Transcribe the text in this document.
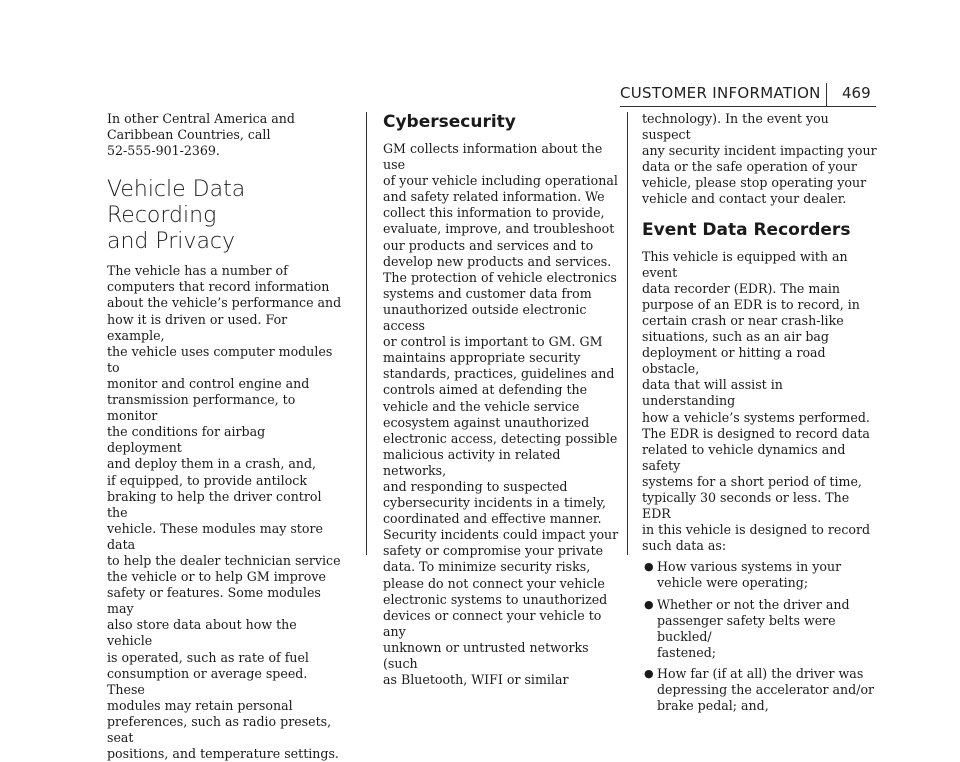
CUSTOMER INFORMATION 469

In other Central America and
Caribbean Countries, call
52-555-901-2369.

Vehicle Data Recording
and Privacy

The vehicle has a number of
computers that record information
about the vehicle’s performance and
how it is driven or used. For example,
the vehicle uses computer modules to
monitor and control engine and
transmission performance, to monitor
the conditions for airbag deployment
and deploy them in a crash, and,
if equipped, to provide antilock
braking to help the driver control the
vehicle. These modules may store data
to help the dealer technician service
the vehicle or to help GM improve
safety or features. Some modules may
also store data about how the vehicle
is operated, such as rate of fuel
consumption or average speed. These
modules may retain personal
preferences, such as radio presets, seat
positions, and temperature settings.

Cybersecurity

GM collects information about the use
of your vehicle including operational
and safety related information. We
collect this information to provide,
evaluate, improve, and troubleshoot
our products and services and to
develop new products and services.
The protection of vehicle electronics
systems and customer data from
unauthorized outside electronic access
or control is important to GM. GM
maintains appropriate security
standards, practices, guidelines and
controls aimed at defending the
vehicle and the vehicle service
ecosystem against unauthorized
electronic access, detecting possible
malicious activity in related networks,
and responding to suspected
cybersecurity incidents in a timely,
coordinated and effective manner.
Security incidents could impact your
safety or compromise your private
data. To minimize security risks,
please do not connect your vehicle
electronic systems to unauthorized
devices or connect your vehicle to any
unknown or untrusted networks (such
as Bluetooth, WIFI or similar

technology). In the event you suspect
any security incident impacting your
data or the safe operation of your
vehicle, please stop operating your
vehicle and contact your dealer.

Event Data Recorders

This vehicle is equipped with an event
data recorder (EDR). The main
purpose of an EDR is to record, in
certain crash or near crash-like
situations, such as an air bag
deployment or hitting a road obstacle,
data that will assist in understanding
how a vehicle’s systems performed.
The EDR is designed to record data
related to vehicle dynamics and safety
systems for a short period of time,
typically 30 seconds or less. The EDR
in this vehicle is designed to record
such data as:

● How various systems in your
vehicle were operating;
● Whether or not the driver and
passenger safety belts were buckled/
fastened;
● How far (if at all) the driver was
depressing the accelerator and/or
brake pedal; and,
